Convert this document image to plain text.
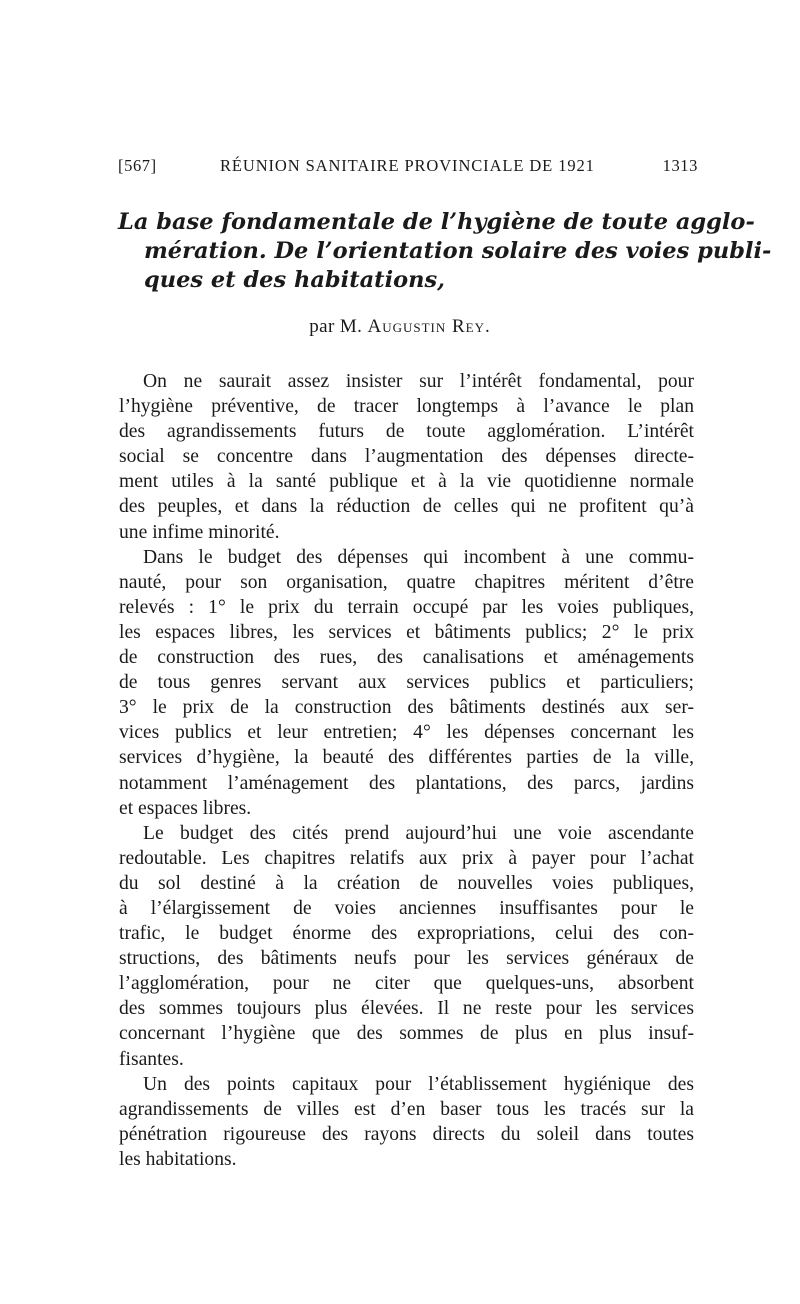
[567]	RÉUNION SANITAIRE PROVINCIALE DE 1921	1313
La base fondamentale de l’hygiène de toute agglo-
mération. De l’orientation solaire des voies publi-
ques et des habitations,
par M. Augustin Rey.
On ne saurait assez insister sur l’intérêt fondamental, pour
l’hygiène préventive, de tracer longtemps à l’avance le plan
des agrandissements futurs de toute agglomération. L’intérêt
social se concentre dans l’augmentation des dépenses directe-
ment utiles à la santé publique et à la vie quotidienne normale
des peuples, et dans la réduction de celles qui ne profitent qu’à
une infime minorité.
Dans le budget des dépenses qui incombent à une commu-
nauté, pour son organisation, quatre chapitres méritent d’être
relevés : 1° le prix du terrain occupé par les voies publiques,
les espaces libres, les services et bâtiments publics; 2° le prix
de construction des rues, des canalisations et aménagements
de tous genres servant aux services publics et particuliers;
3° le prix de la construction des bâtiments destinés aux ser-
vices publics et leur entretien; 4° les dépenses concernant les
services d’hygiène, la beauté des différentes parties de la ville,
notamment l’aménagement des plantations, des parcs, jardins
et espaces libres.
Le budget des cités prend aujourd’hui une voie ascendante
redoutable. Les chapitres relatifs aux prix à payer pour l’achat
du sol destiné à la création de nouvelles voies publiques,
à l’élargissement de voies anciennes insuffisantes pour le
trafic, le budget énorme des expropriations, celui des con-
structions, des bâtiments neufs pour les services généraux de
l’agglomération, pour ne citer que quelques-uns, absorbent
des sommes toujours plus élevées. Il ne reste pour les services
concernant l’hygiène que des sommes de plus en plus insuf-
fisantes.
Un des points capitaux pour l’établissement hygiénique des
agrandissements de villes est d’en baser tous les tracés sur la
pénétration rigoureuse des rayons directs du soleil dans toutes
les habitations.
